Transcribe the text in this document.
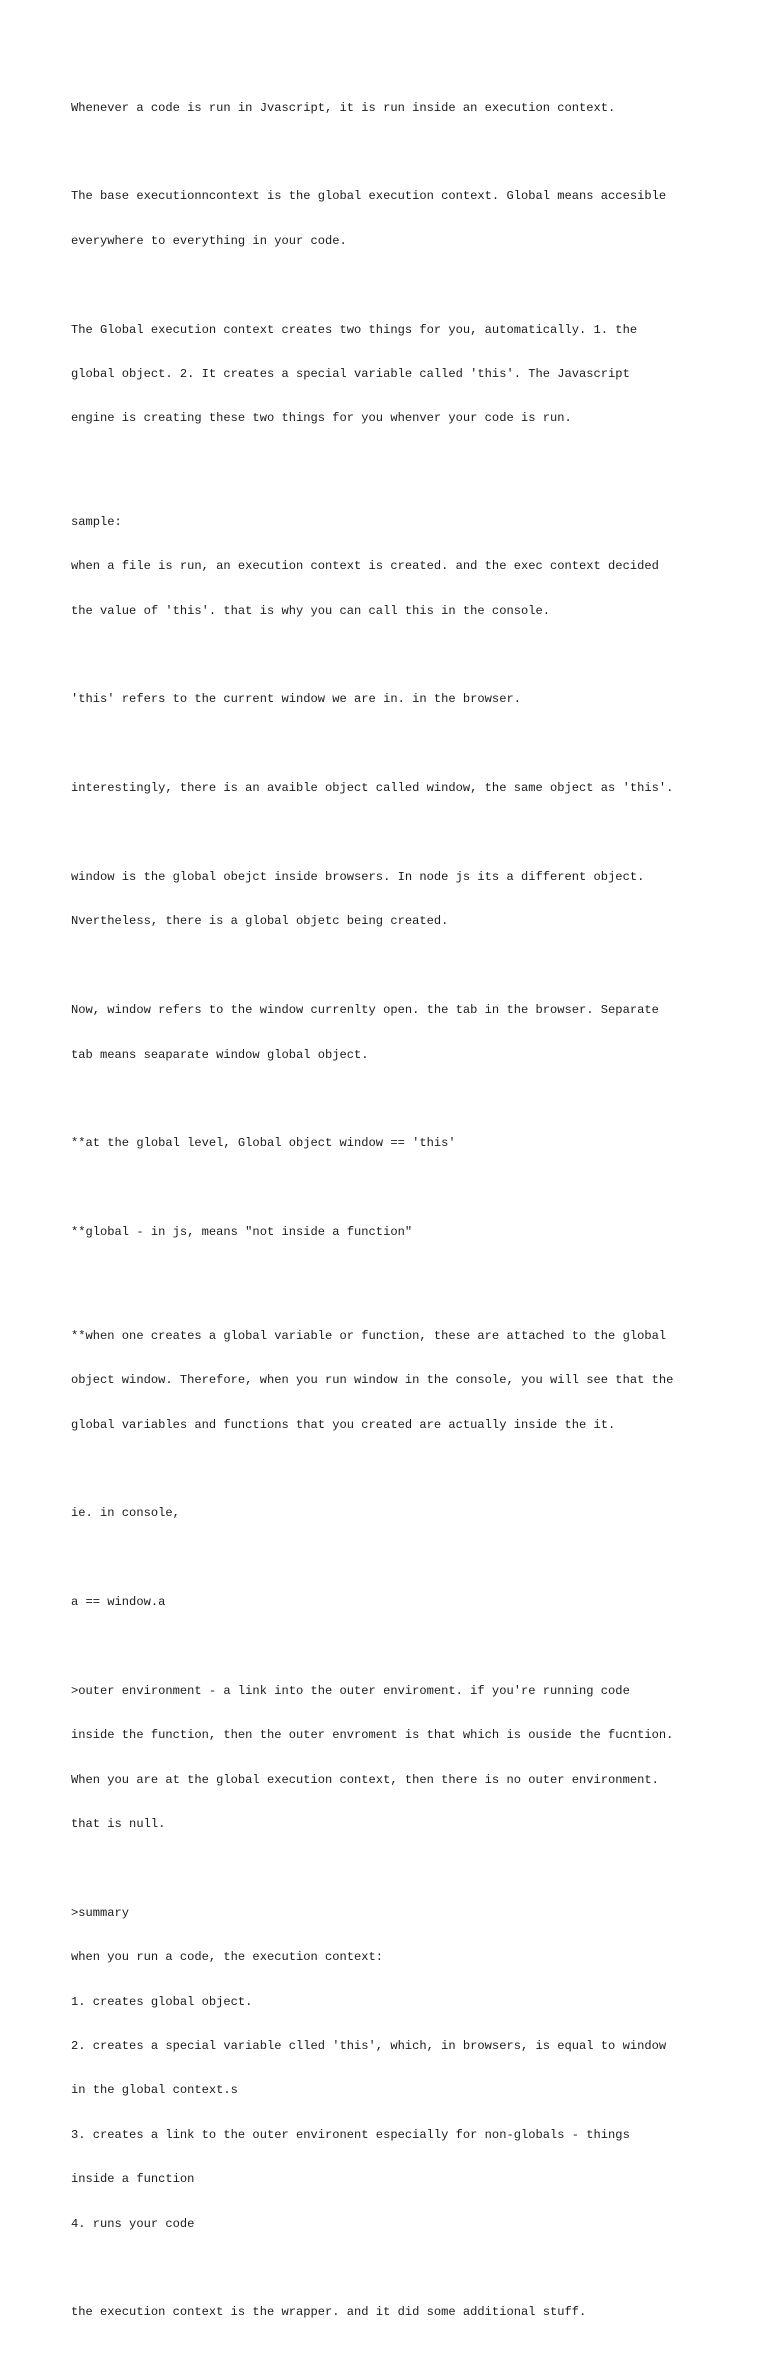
Whenever a code is run in Jvascript, it is run inside an execution context.

The base executionncontext is the global execution context. Global means accesible

everywhere to everything in your code.

The Global execution context creates two things for you, automatically. 1. the

global object. 2. It creates a special variable called 'this'. The Javascript

engine is creating these two things for you whenver your code is run.

sample:

when a file is run, an execution context is created. and the exec context decided

the value of 'this'. that is why you can call this in the console.

'this' refers to the current window we are in. in the browser.

interestingly, there is an avaible object called window, the same object as 'this'.

window is the global obejct inside browsers. In node js its a different object.

Nvertheless, there is a global objetc being created.

Now, window refers to the window currenlty open. the tab in the browser. Separate

tab means seaparate window global object.

**at the global level, Global object window == 'this'

**global - in js, means "not inside a function"

**when one creates a global variable or function, these are attached to the global

object window. Therefore, when you run window in the console, you will see that the

global variables and functions that you created are actually inside the it.

ie. in console,

a == window.a

>outer environment - a link into the outer enviroment. if you're running code

inside the function, then the outer envroment is that which is ouside the fucntion.

When you are at the global execution context, then there is no outer environment.

that is null.

>summary

when you run a code, the execution context:

1. creates global object.

2. creates a special variable clled 'this', which, in browsers, is equal to window

in the global context.s

3. creates a link to the outer environent especially for non-globals - things

inside a function

4. runs your code

the execution context is the wrapper. and it did some additional stuff.
